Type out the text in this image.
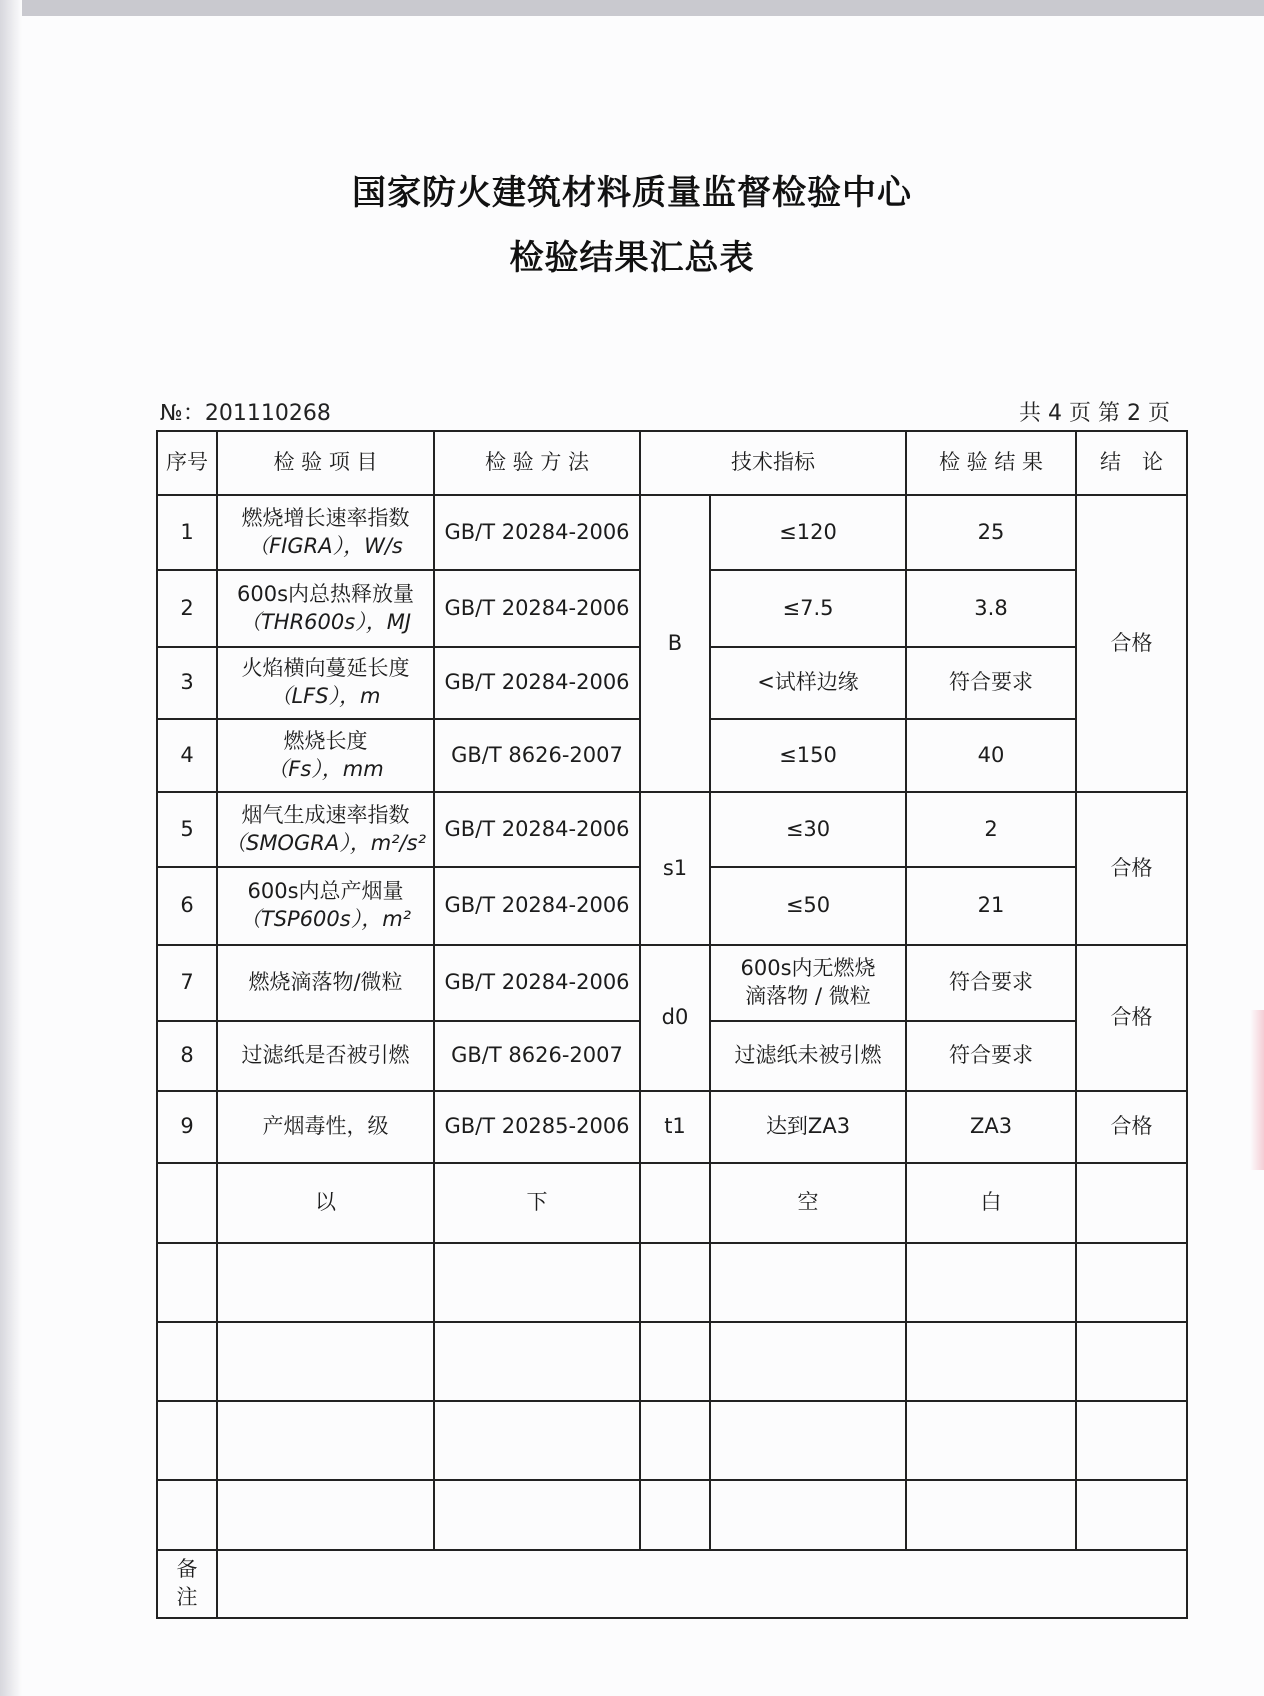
国家防火建筑材料质量监督检验中心
检验结果汇总表
№：201110268	共 4 页 第 2 页
序号	检 验 项 目	检 验 方 法	技术指标		检 验 结 果	结　论
1	燃烧增长速率指数
（FIGRA），W/s	GB/T 20284-2006	B	≤120	25	合格
2	600s内总热释放量
（THR600s），MJ	GB/T 20284-2006		≤7.5	3.8	
3	火焰横向蔓延长度
（LFS），m	GB/T 20284-2006		<试样边缘	符合要求	
4	燃烧长度
（Fs），mm	GB/T 8626-2007		≤150	40	
5	烟气生成速率指数
（SMOGRA），m²/s²	GB/T 20284-2006	s1	≤30	2	合格
6	600s内总产烟量
（TSP600s），m²	GB/T 20284-2006		≤50	21	
7	燃烧滴落物/微粒	GB/T 20284-2006	d0	600s内无燃烧
滴落物 / 微粒	符合要求	合格
8	过滤纸是否被引燃	GB/T 8626-2007		过滤纸未被引燃	符合要求	
9	产烟毒性，级	GB/T 20285-2006	t1	达到ZA3	ZA3	合格
	以	下		空	白	

备注						
